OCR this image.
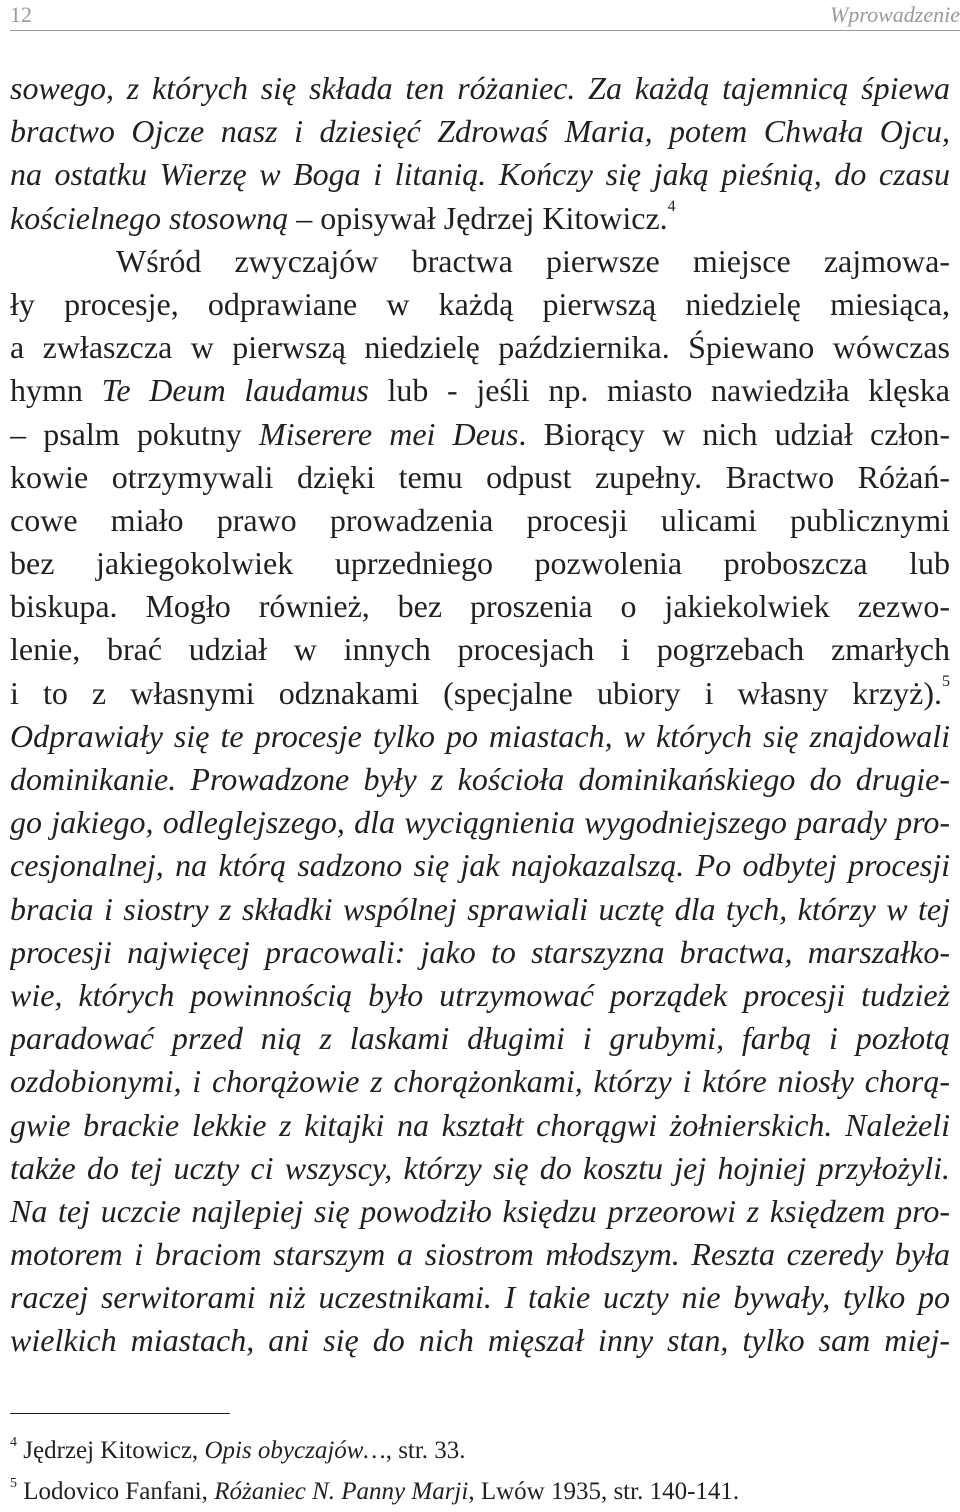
12	Wprowadzenie
sowego, z których się składa ten różaniec. Za każdą tajemnicą śpiewa
bractwo Ojcze nasz i dziesięć Zdrowaś Maria, potem Chwała Ojcu,
na ostatku Wierzę w Boga i litanią. Kończy się jaką pieśnią, do czasu
kościelnego stosowną – opisywał Jędrzej Kitowicz.$^4$
Wśród zwyczajów bractwa pierwsze miejsce zajmowa-
ły procesje, odprawiane w każdą pierwszą niedzielę miesiąca,
a zwłaszcza w pierwszą niedzielę października. Śpiewano wówczas
hymn Te Deum laudamus lub - jeśli np. miasto nawiedziła klęska
– psalm pokutny Miserere mei Deus. Biorący w nich udział człon-
kowie otrzymywali dzięki temu odpust zupełny. Bractwo Różań-
cowe miało prawo prowadzenia procesji ulicami publicznymi
bez jakiegokolwiek uprzedniego pozwolenia proboszcza lub
biskupa. Mogło również, bez proszenia o jakiekolwiek zezwo-
lenie, brać udział w innych procesjach i pogrzebach zmarłych
i to z własnymi odznakami (specjalne ubiory i własny krzyż).$^5$
Odprawiały się te procesje tylko po miastach, w których się znajdowali
dominikanie. Prowadzone były z kościoła dominikańskiego do drugie-
go jakiego, odleglejszego, dla wyciągnienia wygodniejszego parady pro-
cesjonalnej, na którą sadzono się jak najokazalszą. Po odbytej procesji
bracia i siostry z składki wspólnej sprawiali ucztę dla tych, którzy w tej
procesji najwięcej pracowali: jako to starszyzna bractwa, marszałko-
wie, których powinnością było utrzymować porządek procesji tudzież
paradować przed nią z laskami długimi i grubymi, farbą i pozłotą
ozdobionymi, i chorążowie z chorążonkami, którzy i które niosły chorą-
gwie brackie lekkie z kitajki na kształt chorągwi żołnierskich. Należeli
także do tej uczty ci wszyscy, którzy się do kosztu jej hojniej przyłożyli.
Na tej uczcie najlepiej się powodziło księdzu przeorowi z księdzem pro-
motorem i braciom starszym a siostrom młodszym. Reszta czeredy była
raczej serwitorami niż uczestnikami. I takie uczty nie bywały, tylko po
wielkich miastach, ani się do nich mięszał inny stan, tylko sam miej-
$^4$ Jędrzej Kitowicz, Opis obyczajów…, str. 33.
$^5$ Lodovico Fanfani, Różaniec N. Panny Marji, Lwów 1935, str. 140-141.
